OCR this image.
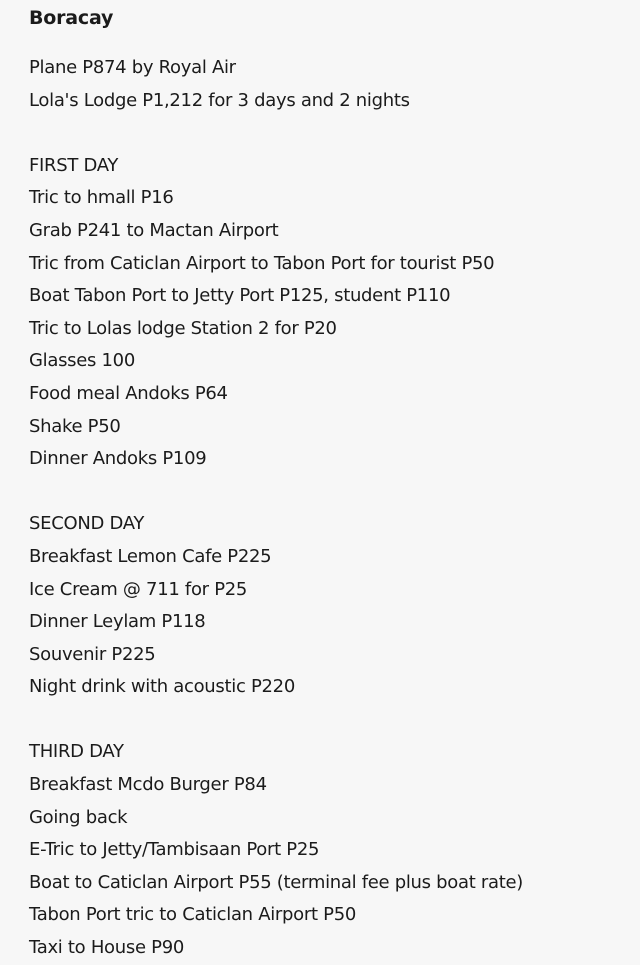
Boracay
Plane P874 by Royal Air
Lola's Lodge P1,212 for 3 days and 2 nights
FIRST DAY
Tric to hmall P16
Grab P241 to Mactan Airport
Tric from Caticlan Airport to Tabon Port for tourist P50
Boat Tabon Port to Jetty Port P125, student P110
Tric to Lolas lodge Station 2 for P20
Glasses 100
Food meal Andoks P64
Shake P50
Dinner Andoks P109
SECOND DAY
Breakfast Lemon Cafe P225
Ice Cream @ 711 for P25
Dinner Leylam P118
Souvenir P225
Night drink with acoustic P220
THIRD DAY
Breakfast Mcdo Burger P84
Going back
E-Tric to Jetty/Tambisaan Port P25
Boat to Caticlan Airport P55 (terminal fee plus boat rate)
Tabon Port tric to Caticlan Airport P50
Taxi to House P90
